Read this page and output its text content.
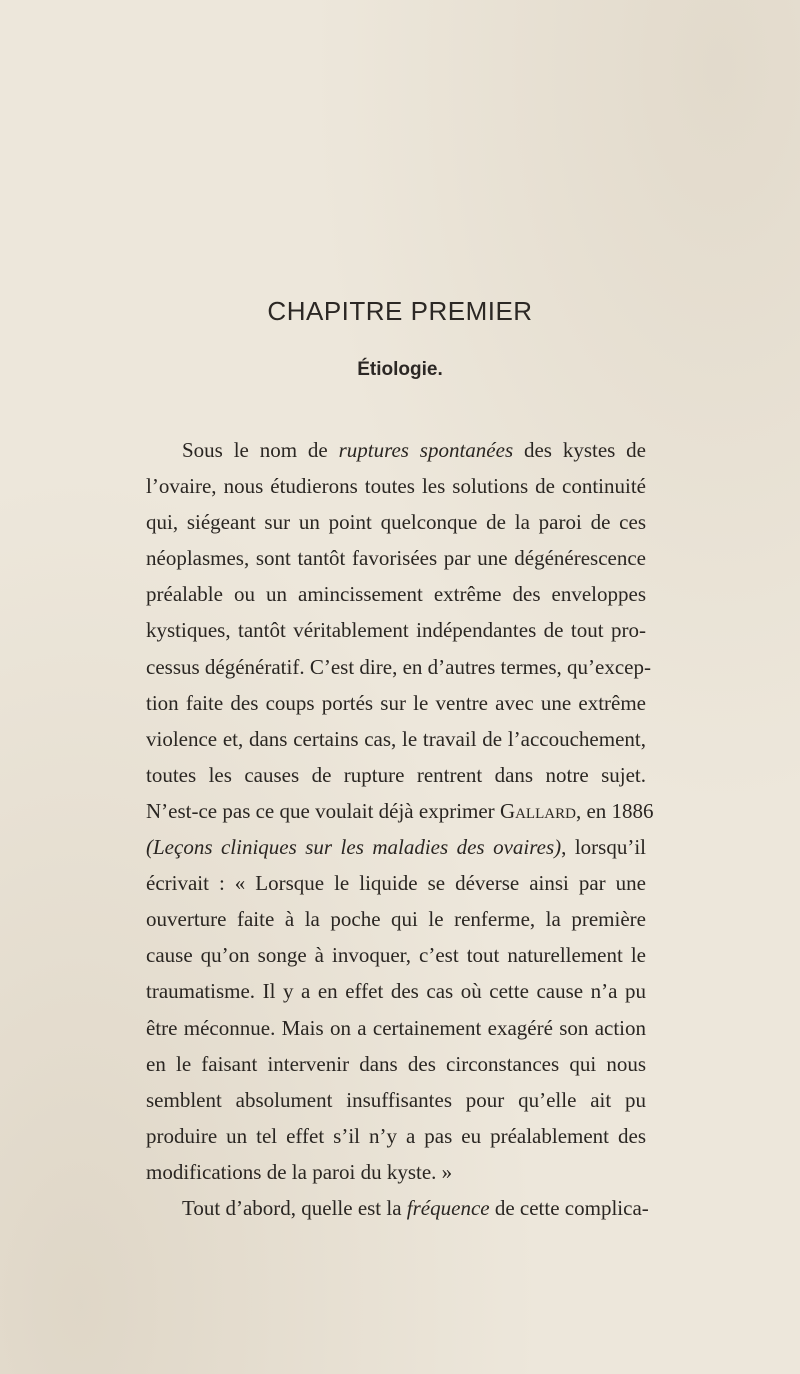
CHAPITRE PREMIER
Étiologie.
Sous le nom de ruptures spontanées des kystes de
l’ovaire, nous étudierons toutes les solutions de continuité
qui, siégeant sur un point quelconque de la paroi de ces
néoplasmes, sont tantôt favorisées par une dégénérescence
préalable ou un amincissement extrême des enveloppes
kystiques, tantôt véritablement indépendantes de tout pro-
cessus dégénératif. C’est dire, en d’autres termes, qu’excep-
tion faite des coups portés sur le ventre avec une extrême
violence et, dans certains cas, le travail de l’accouchement,
toutes les causes de rupture rentrent dans notre sujet.
N’est-ce pas ce que voulait déjà exprimer Gallard, en 1886
(Leçons cliniques sur les maladies des ovaires), lorsqu’il
écrivait : « Lorsque le liquide se déverse ainsi par une
ouverture faite à la poche qui le renferme, la première
cause qu’on songe à invoquer, c’est tout naturellement le
traumatisme. Il y a en effet des cas où cette cause n’a pu
être méconnue. Mais on a certainement exagéré son action
en le faisant intervenir dans des circonstances qui nous
semblent absolument insuffisantes pour qu’elle ait pu
produire un tel effet s’il n’y a pas eu préalablement des
modifications de la paroi du kyste. »
Tout d’abord, quelle est la fréquence de cette complica-
